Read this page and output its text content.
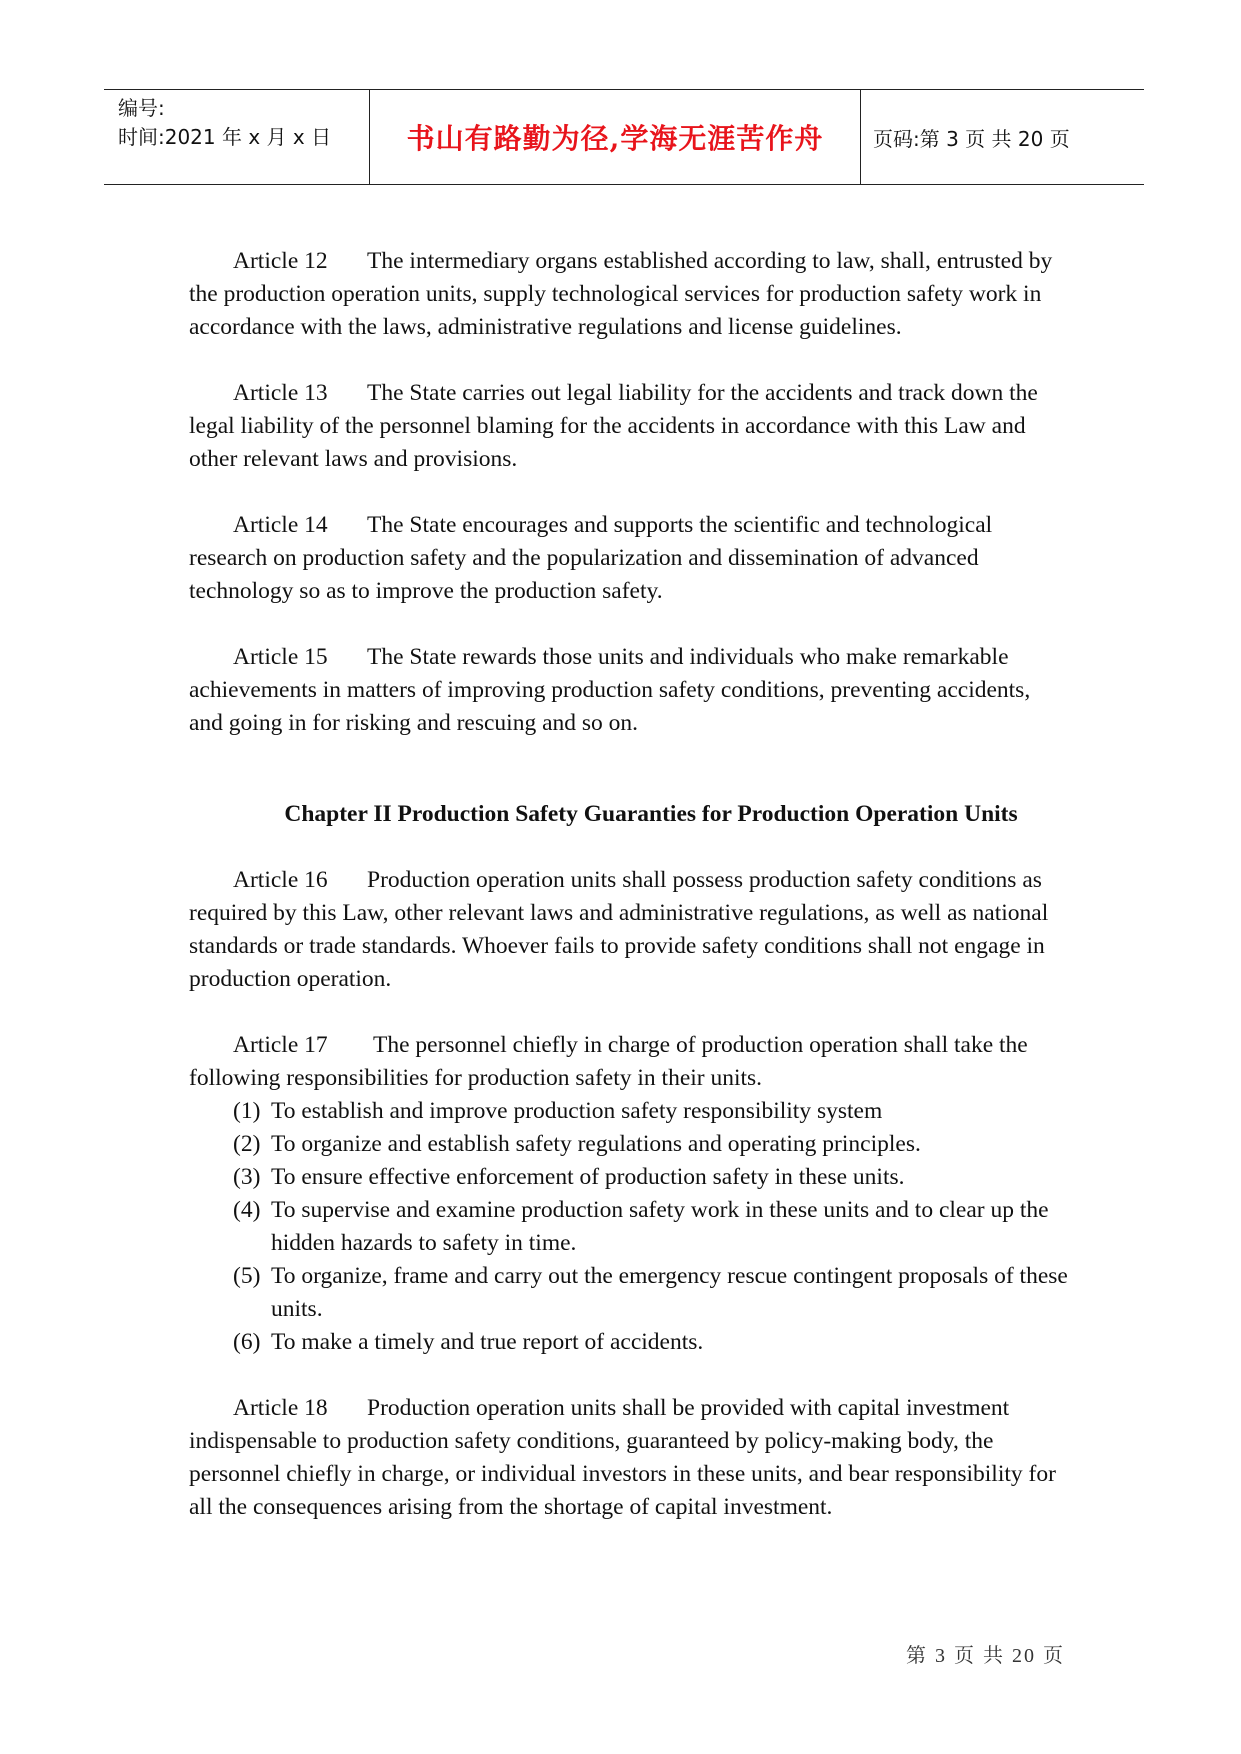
编号:
时间:2021 年 x 月 x 日	书山有路勤为径,学海无涯苦作舟	页码:第 3 页 共 20 页

Article 12 The intermediary organs established according to law, shall, entrusted by the production operation units, supply technological services for production safety work in accordance with the laws, administrative regulations and license guidelines.

Article 13 The State carries out legal liability for the accidents and track down the legal liability of the personnel blaming for the accidents in accordance with this Law and other relevant laws and provisions.

Article 14 The State encourages and supports the scientific and technological research on production safety and the popularization and dissemination of advanced technology so as to improve the production safety.

Article 15 The State rewards those units and individuals who make remarkable achievements in matters of improving production safety conditions, preventing accidents, and going in for risking and rescuing and so on.

Chapter II Production Safety Guaranties for Production Operation Units

Article 16 Production operation units shall possess production safety conditions as required by this Law, other relevant laws and administrative regulations, as well as national standards or trade standards. Whoever fails to provide safety conditions shall not engage in production operation.

Article 17 The personnel chiefly in charge of production operation shall take the following responsibilities for production safety in their units.

(1) To establish and improve production safety responsibility system
(2) To organize and establish safety regulations and operating principles.
(3) To ensure effective enforcement of production safety in these units.
(4) To supervise and examine production safety work in these units and to clear up the hidden hazards to safety in time.
(5) To organize, frame and carry out the emergency rescue contingent proposals of these units.
(6) To make a timely and true report of accidents.

Article 18 Production operation units shall be provided with capital investment indispensable to production safety conditions, guaranteed by policy-making body, the personnel chiefly in charge, or individual investors in these units, and bear responsibility for all the consequences arising from the shortage of capital investment.

第 3 页 共 20 页
